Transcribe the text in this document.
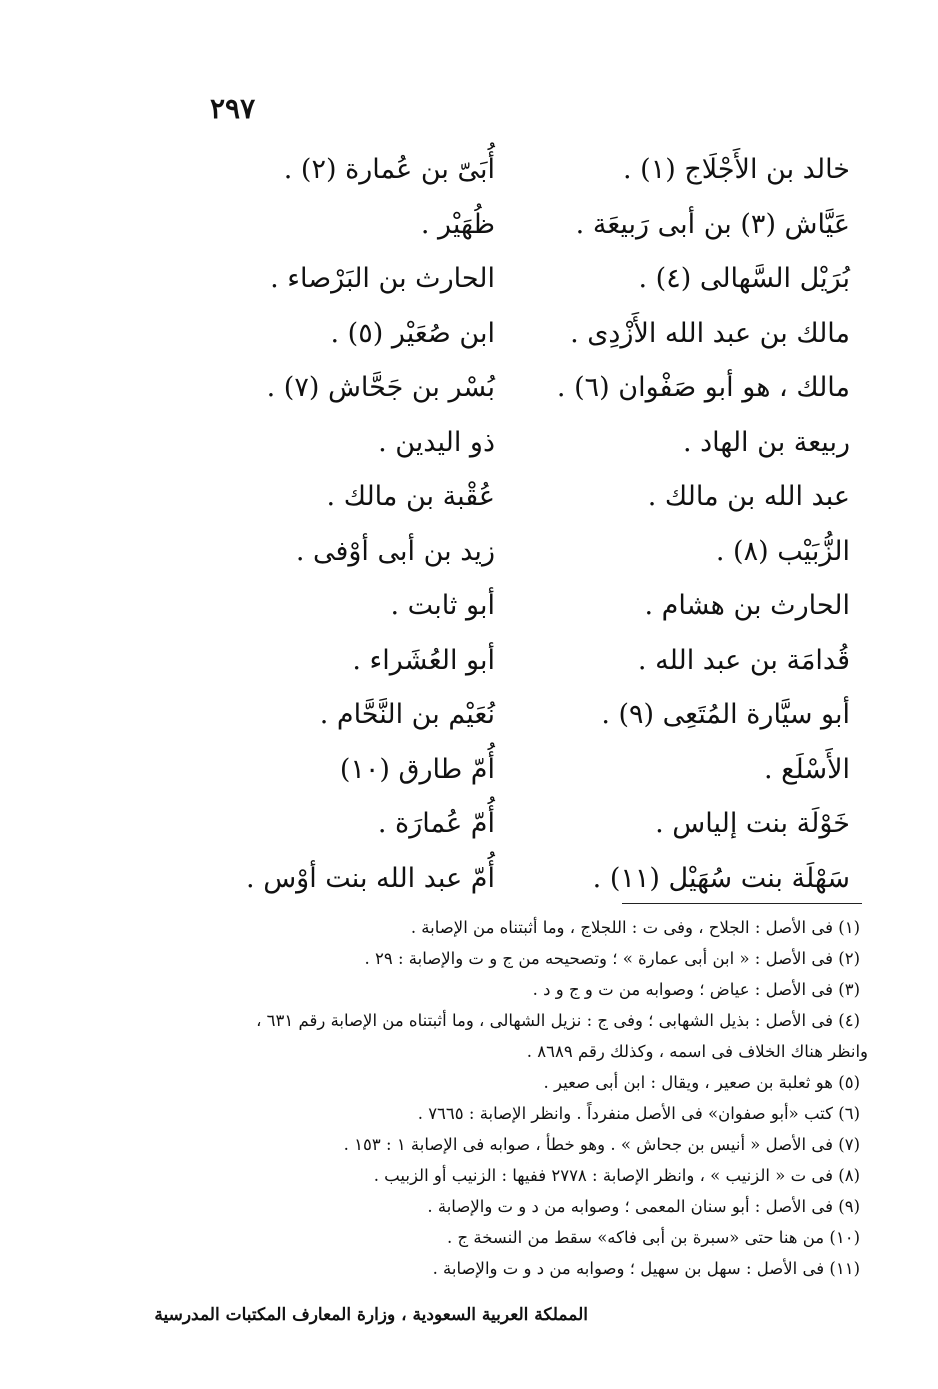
٢٩٧
خالد بن الأَجْلَاج (١) .
أُبَىّ بن عُمارة (٢) .
عَيَّاش (٣) بن أبى رَبيعَة .
ظُهَيْر .
بُرَيْل السَّهالى (٤) .
الحارث بن البَرْصاء .
مالك بن عبد الله الأَزْدِى .
ابن صُعَيْر (٥) .
مالك ، هو أبو صَفْوان (٦) .
بُسْر بن جَحَّاش (٧) .
ربيعة بن الهاد .
ذو اليدين .
عبد الله بن مالك .
عُقْبة بن مالك .
الزُّبَيْب (٨) .
زيد بن أبى أوْفى .
الحارث بن هشام .
أبو ثابت .
قُدامَة بن عبد الله .
أبو العُشَراء .
أبو سيَّارة المُتَعِى (٩) .
نُعَيْم بن النَّحَّام .
الأَسْلَع .
أُمّ طارق (١٠)
خَوْلَة بنت إلياس .
أُمّ عُمارَة .
سَهْلَة بنت سُهَيْل (١١) .
أُمّ عبد الله بنت أوْس .
(١) فى الأصل : الجلاح ، وفى ت : اللجلاج ، وما أثبتناه من الإصابة .
(٢) فى الأصل : « ابن أبى عمارة » ؛ وتصحيحه من ج و ت والإصابة : ٢٩ .
(٣) فى الأصل : عياض ؛ وصوابه من ت و ج و د .
(٤) فى الأصل : بذيل الشهابى ؛ وفى ج : نزيل الشهالى ، وما أثبتناه من الإصابة رقم ٦٣١ ،
وانظر هناك الخلاف فى اسمه ، وكذلك رقم ٨٦٨٩ .
(٥) هو ثعلبة بن صعير ، ويقال : ابن أبى صعير .
(٦) كتب «أبو صفوان» فى الأصل منفرداً . وانظر الإصابة : ٧٦٦٥ .
(٧) فى الأصل « أنيس بن جحاش » . وهو خطأ ، صوابه فى الإصابة ١ : ١٥٣ .
(٨) فى ت « الزنيب » ، وانظر الإصابة : ٢٧٧٨ ففيها : الزنيب أو الزبيب .
(٩) فى الأصل : أبو سنان المعمى ؛ وصوابه من د و ت والإصابة .
(١٠) من هنا حتى «سبرة بن أبى فاكه» سقط من النسخة ج .
(١١) فى الأصل : سهل بن سهيل ؛ وصوابه من د و ت والإصابة .
المملكة العربية السعودية ، وزارة المعارف المكتبات المدرسية
